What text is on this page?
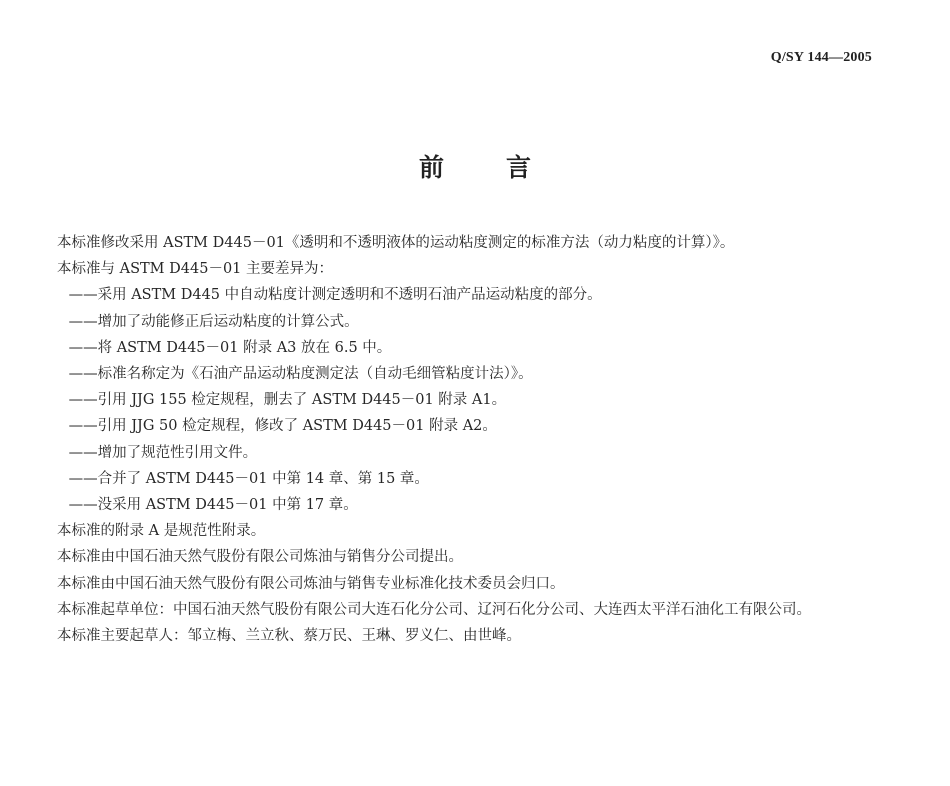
Q/SY 144—2005
前言

本标准修改采用 ASTM D445－01《透明和不透明液体的运动粘度测定的标准方法（动力粘度的计算）》。

本标准与 ASTM D445－01 主要差异为：

——采用 ASTM D445 中自动粘度计测定透明和不透明石油产品运动粘度的部分。

——增加了动能修正后运动粘度的计算公式。

——将 ASTM D445－01 附录 A3 放在 6.5 中。

——标准名称定为《石油产品运动粘度测定法（自动毛细管粘度计法）》。

——引用 JJG 155 检定规程，删去了 ASTM D445－01 附录 A1。

——引用 JJG 50 检定规程，修改了 ASTM D445－01 附录 A2。

——增加了规范性引用文件。

——合并了 ASTM D445－01 中第 14 章、第 15 章。

——没采用 ASTM D445－01 中第 17 章。

本标准的附录 A 是规范性附录。

本标准由中国石油天然气股份有限公司炼油与销售分公司提出。

本标准由中国石油天然气股份有限公司炼油与销售专业标准化技术委员会归口。

本标准起草单位：中国石油天然气股份有限公司大连石化分公司、辽河石化分公司、大连西太平洋石油化工有限公司。

本标准主要起草人：邹立梅、兰立秋、蔡万民、王琳、罗义仁、由世峰。
